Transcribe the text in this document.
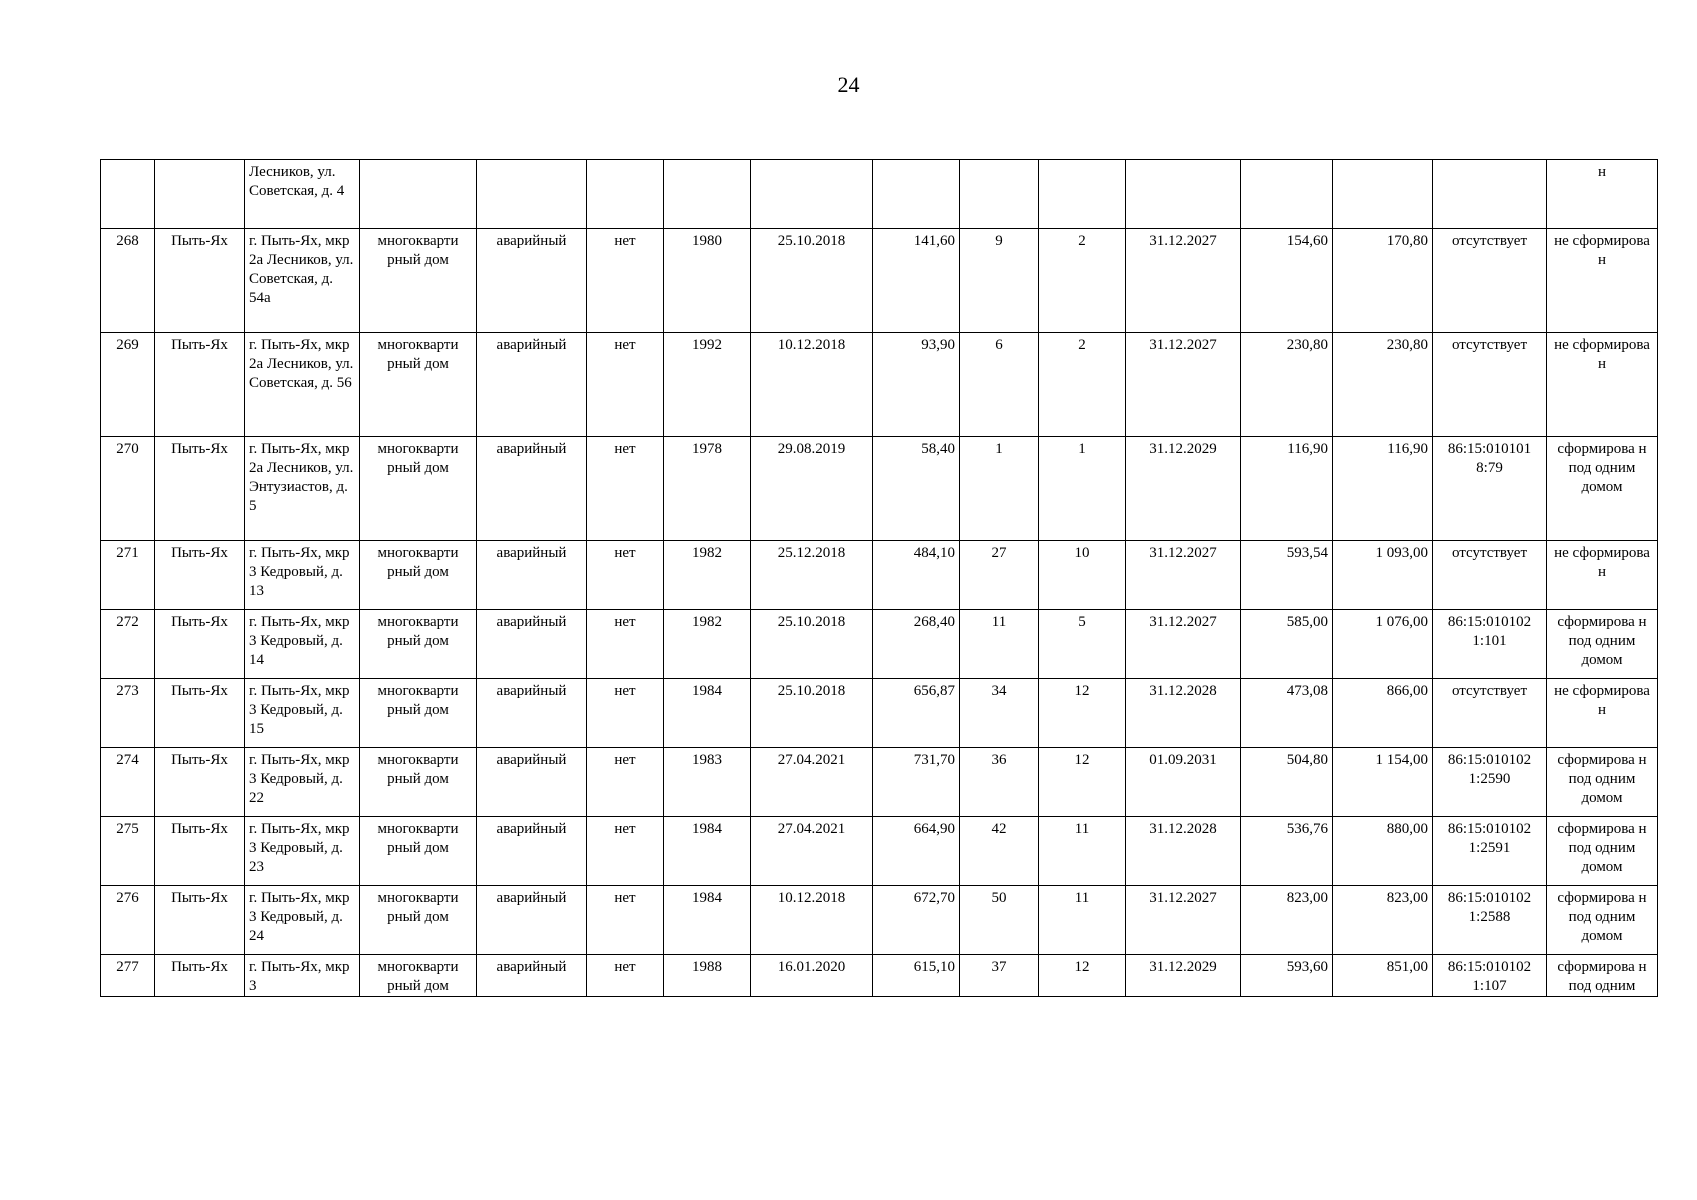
24
		Лесников, ул. Советская, д. 4													н
268	Пыть-Ях	г. Пыть-Ях, мкр 2а Лесников, ул. Советская, д. 54а	многокварти рный дом	аварийный	нет	1980	25.10.2018	141,60	9	2	31.12.2027	154,60	170,80	отсутствует	не сформирова н
269	Пыть-Ях	г. Пыть-Ях, мкр 2а Лесников, ул. Советская, д. 56	многокварти рный дом	аварийный	нет	1992	10.12.2018	93,90	6	2	31.12.2027	230,80	230,80	отсутствует	не сформирова н
270	Пыть-Ях	г. Пыть-Ях, мкр 2а Лесников, ул. Энтузиастов, д. 5	многокварти рный дом	аварийный	нет	1978	29.08.2019	58,40	1	1	31.12.2029	116,90	116,90	86:15:010101 8:79	сформирова н под одним домом
271	Пыть-Ях	г. Пыть-Ях, мкр 3 Кедровый, д. 13	многокварти рный дом	аварийный	нет	1982	25.12.2018	484,10	27	10	31.12.2027	593,54	1 093,00	отсутствует	не сформирова н
272	Пыть-Ях	г. Пыть-Ях, мкр 3 Кедровый, д. 14	многокварти рный дом	аварийный	нет	1982	25.10.2018	268,40	11	5	31.12.2027	585,00	1 076,00	86:15:010102 1:101	сформирова н под одним домом
273	Пыть-Ях	г. Пыть-Ях, мкр 3 Кедровый, д. 15	многокварти рный дом	аварийный	нет	1984	25.10.2018	656,87	34	12	31.12.2028	473,08	866,00	отсутствует	не сформирова н
274	Пыть-Ях	г. Пыть-Ях, мкр 3 Кедровый, д. 22	многокварти рный дом	аварийный	нет	1983	27.04.2021	731,70	36	12	01.09.2031	504,80	1 154,00	86:15:010102 1:2590	сформирова н под одним домом
275	Пыть-Ях	г. Пыть-Ях, мкр 3 Кедровый, д. 23	многокварти рный дом	аварийный	нет	1984	27.04.2021	664,90	42	11	31.12.2028	536,76	880,00	86:15:010102 1:2591	сформирова н под одним домом
276	Пыть-Ях	г. Пыть-Ях, мкр 3 Кедровый, д. 24	многокварти рный дом	аварийный	нет	1984	10.12.2018	672,70	50	11	31.12.2027	823,00	823,00	86:15:010102 1:2588	сформирова н под одним домом
277	Пыть-Ях	г. Пыть-Ях, мкр 3	многокварти рный дом	аварийный	нет	1988	16.01.2020	615,10	37	12	31.12.2029	593,60	851,00	86:15:010102 1:107	сформирова н под одним
